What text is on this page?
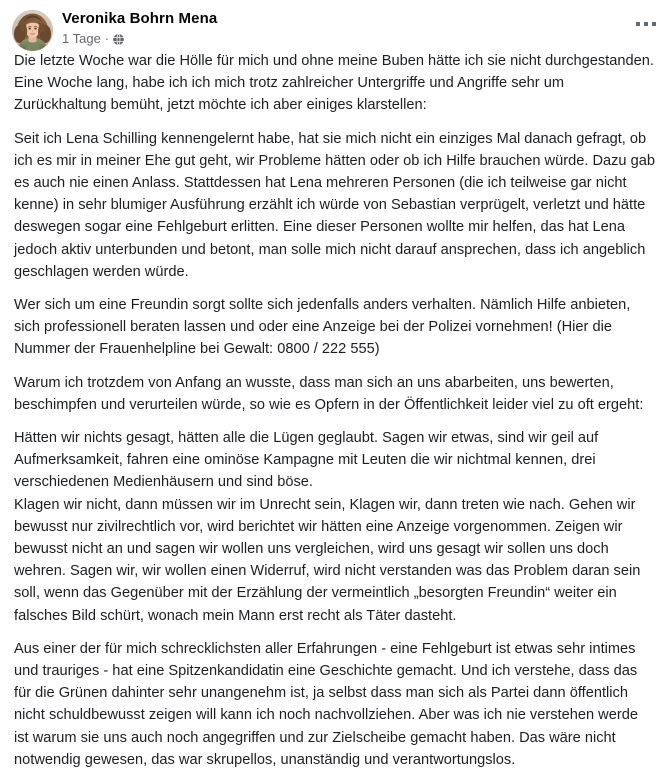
Veronika Bohrn Mena
1 Tage ·

Die letzte Woche war die Hölle für mich und ohne meine Buben hätte ich sie nicht durchgestanden. Eine Woche lang, habe ich ich mich trotz zahlreicher Untergriffe und Angriffe sehr um Zurückhaltung bemüht, jetzt möchte ich aber einiges klarstellen:

Seit ich Lena Schilling kennengelernt habe, hat sie mich nicht ein einziges Mal danach gefragt, ob ich es mir in meiner Ehe gut geht, wir Probleme hätten oder ob ich Hilfe brauchen würde. Dazu gab es auch nie einen Anlass. Stattdessen hat Lena mehreren Personen (die ich teilweise gar nicht kenne) in sehr blumiger Ausführung erzählt ich würde von Sebastian verprügelt, verletzt und hätte deswegen sogar eine Fehlgeburt erlitten. Eine dieser Personen wollte mir helfen, das hat Lena jedoch aktiv unterbunden und betont, man solle mich nicht darauf ansprechen, dass ich angeblich geschlagen werden würde.

Wer sich um eine Freundin sorgt sollte sich jedenfalls anders verhalten. Nämlich Hilfe anbieten, sich professionell beraten lassen und oder eine Anzeige bei der Polizei vornehmen! (Hier die Nummer der Frauenhelpline bei Gewalt: 0800 / 222 555)

Warum ich trotzdem von Anfang an wusste, dass man sich an uns abarbeiten, uns bewerten, beschimpfen und verurteilen würde, so wie es Opfern in der Öffentlichkeit leider viel zu oft ergeht:

Hätten wir nichts gesagt, hätten alle die Lügen geglaubt. Sagen wir etwas, sind wir geil auf Aufmerksamkeit, fahren eine ominöse Kampagne mit Leuten die wir nichtmal kennen, drei verschiedenen Medienhäusern und sind böse.

Klagen wir nicht, dann müssen wir im Unrecht sein, Klagen wir, dann treten wie nach. Gehen wir bewusst nur zivilrechtlich vor, wird berichtet wir hätten eine Anzeige vorgenommen. Zeigen wir bewusst nicht an und sagen wir wollen uns vergleichen, wird uns gesagt wir sollen uns doch wehren. Sagen wir, wir wollen einen Widerruf, wird nicht verstanden was das Problem daran sein soll, wenn das Gegenüber mit der Erzählung der vermeintlich „besorgten Freundin“ weiter ein falsches Bild schürt, wonach mein Mann erst recht als Täter dasteht.

Aus einer der für mich schrecklichsten aller Erfahrungen - eine Fehlgeburt ist etwas sehr intimes und trauriges - hat eine Spitzenkandidatin eine Geschichte gemacht. Und ich verstehe, dass das für die Grünen dahinter sehr unangenehm ist, ja selbst dass man sich als Partei dann öffentlich nicht schuldbewusst zeigen will kann ich noch nachvollziehen. Aber was ich nie verstehen werde ist warum sie uns auch noch angegriffen und zur Zielscheibe gemacht haben. Das wäre nicht notwendig gewesen, das war skrupellos, unanständig und verantwortungslos.
